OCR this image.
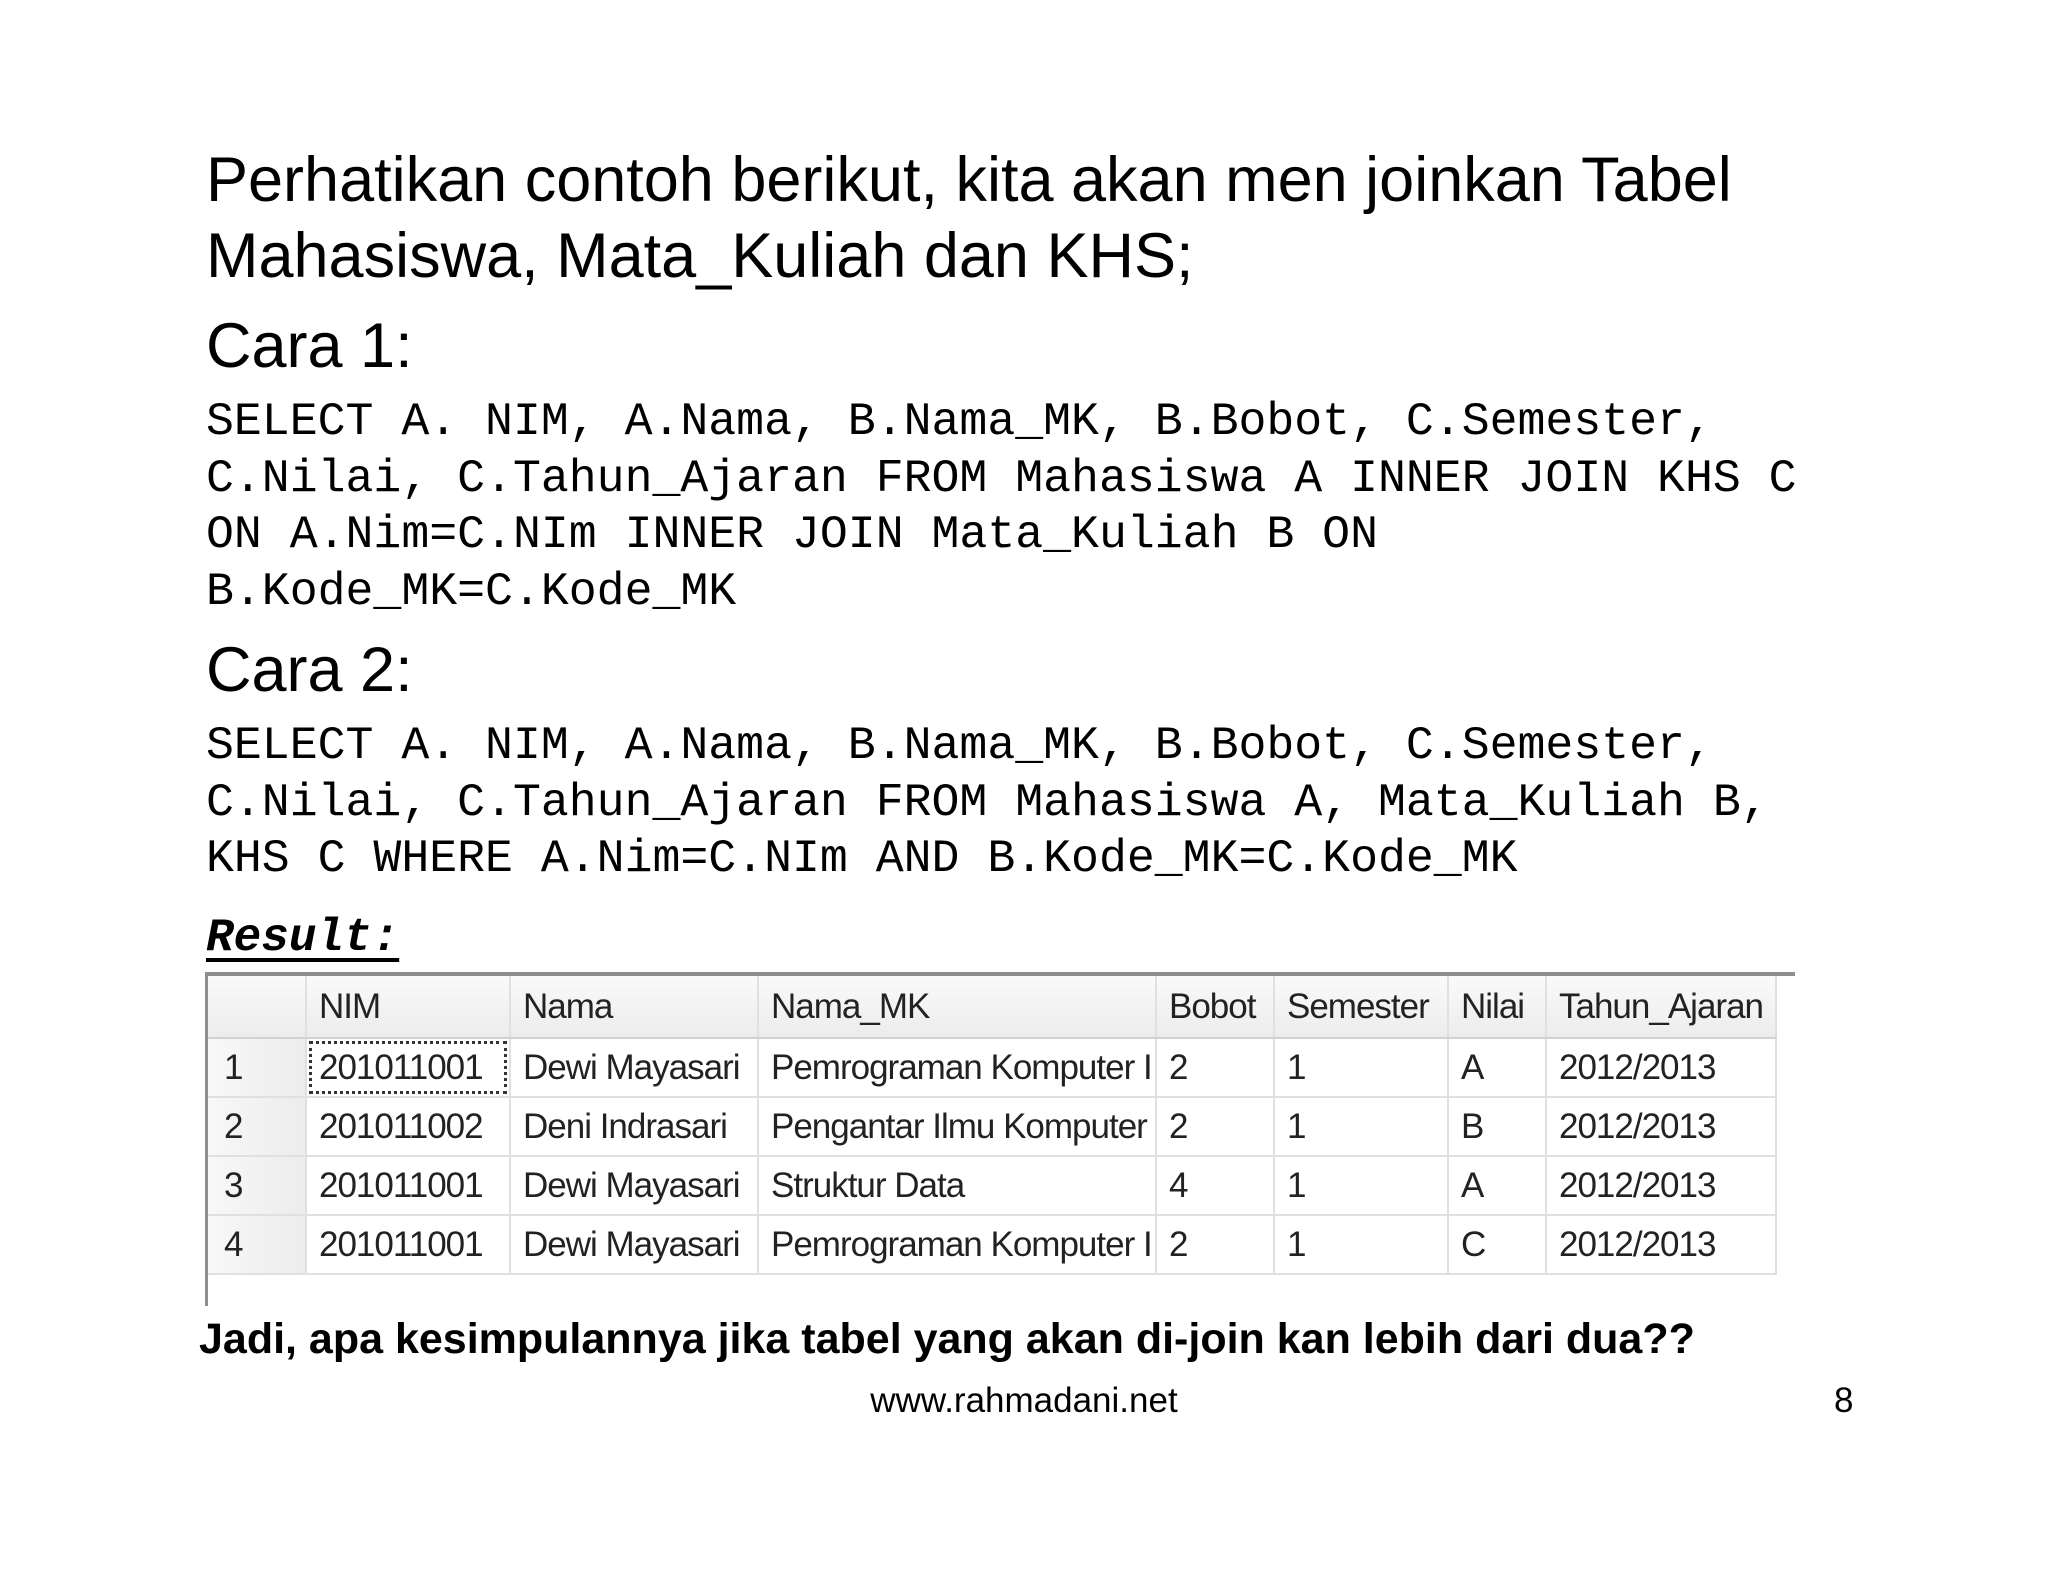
Perhatikan contoh berikut, kita akan men joinkan Tabel
Mahasiswa, Mata_Kuliah dan KHS;

Cara 1:
SELECT A. NIM, A.Nama, B.Nama_MK, B.Bobot, C.Semester,
C.Nilai, C.Tahun_Ajaran FROM Mahasiswa A INNER JOIN KHS C
ON A.Nim=C.NIm INNER JOIN Mata_Kuliah B ON
B.Kode_MK=C.Kode_MK
Cara 2:
SELECT A. NIM, A.Nama, B.Nama_MK, B.Bobot, C.Semester,
C.Nilai, C.Tahun_Ajaran FROM Mahasiswa A, Mata_Kuliah B,
KHS C WHERE A.Nim=C.NIm AND B.Kode_MK=C.Kode_MK
Result:
	NIM	Nama	Nama_MK	Bobot	Semester	Nilai	Tahun_Ajaran
1	201011001	Dewi Mayasari	Pemrograman Komputer I	2	1	A	2012/2013
2	201011002	Deni Indrasari	Pengantar Ilmu Komputer	2	1	B	2012/2013
3	201011001	Dewi Mayasari	Struktur Data	4	1	A	2012/2013
4	201011001	Dewi Mayasari	Pemrograman Komputer I	2	1	C	2012/2013
Jadi, apa kesimpulannya jika tabel yang akan di-join kan lebih dari dua??
www.rahmadani.net	8
